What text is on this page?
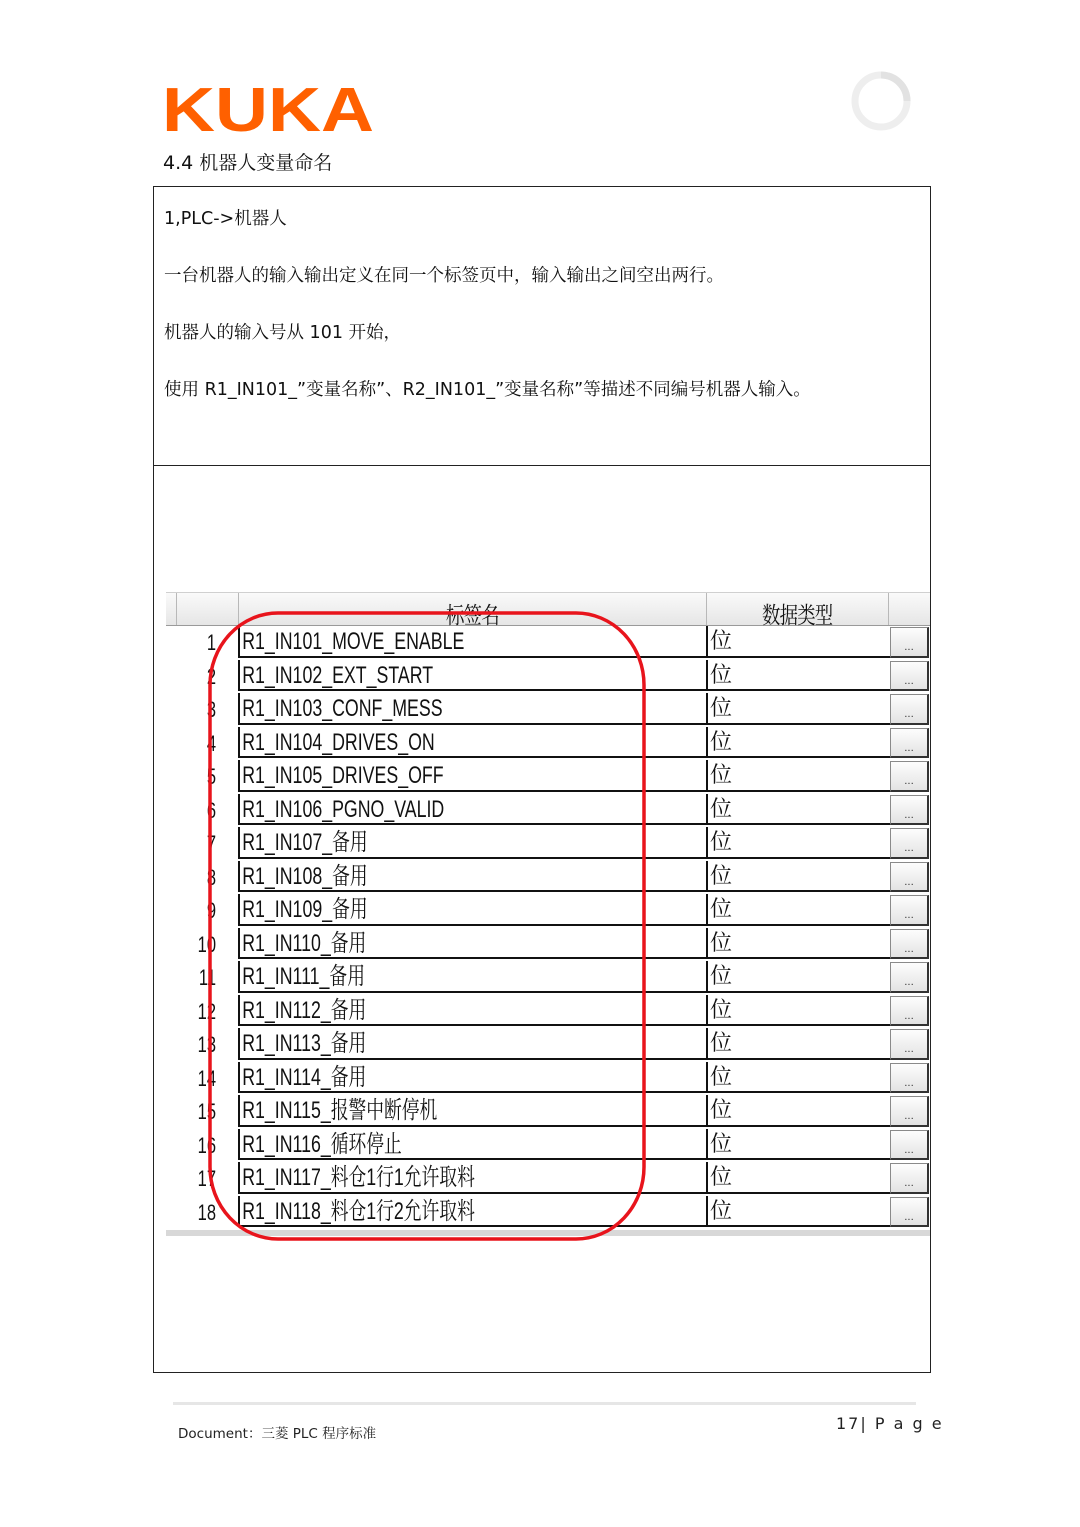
KUKA
4.4 机器人变量命名
1,PLC->机器人
一台机器人的输入输出定义在同一个标签页中，输入输出之间空出两行。
机器人的输入号从 101 开始，
使用 R1_IN101_”变量名称”、R2_IN101_”变量名称”等描述不同编号机器人输入。
标签名	数据类型
1 R1_IN101_MOVE_ENABLE	位	...
2 R1_IN102_EXT_START	位	...
3 R1_IN103_CONF_MESS	位	...
4 R1_IN104_DRIVES_ON	位	...
5 R1_IN105_DRIVES_OFF	位	...
6 R1_IN106_PGNO_VALID	位	...
7 R1_IN107_备用	位	...
8 R1_IN108_备用	位	...
9 R1_IN109_备用	位	...
10 R1_IN110_备用	位	...
11 R1_IN111_备用	位	...
12 R1_IN112_备用	位	...
13 R1_IN113_备用	位	...
14 R1_IN114_备用	位	...
15 R1_IN115_报警中断停机	位	...
16 R1_IN116_循环停止	位	...
17 R1_IN117_料仓1行1允许取料	位	...
18 R1_IN118_料仓1行2允许取料	位	...
Document：三菱 PLC 程序标准
17| P a g e
